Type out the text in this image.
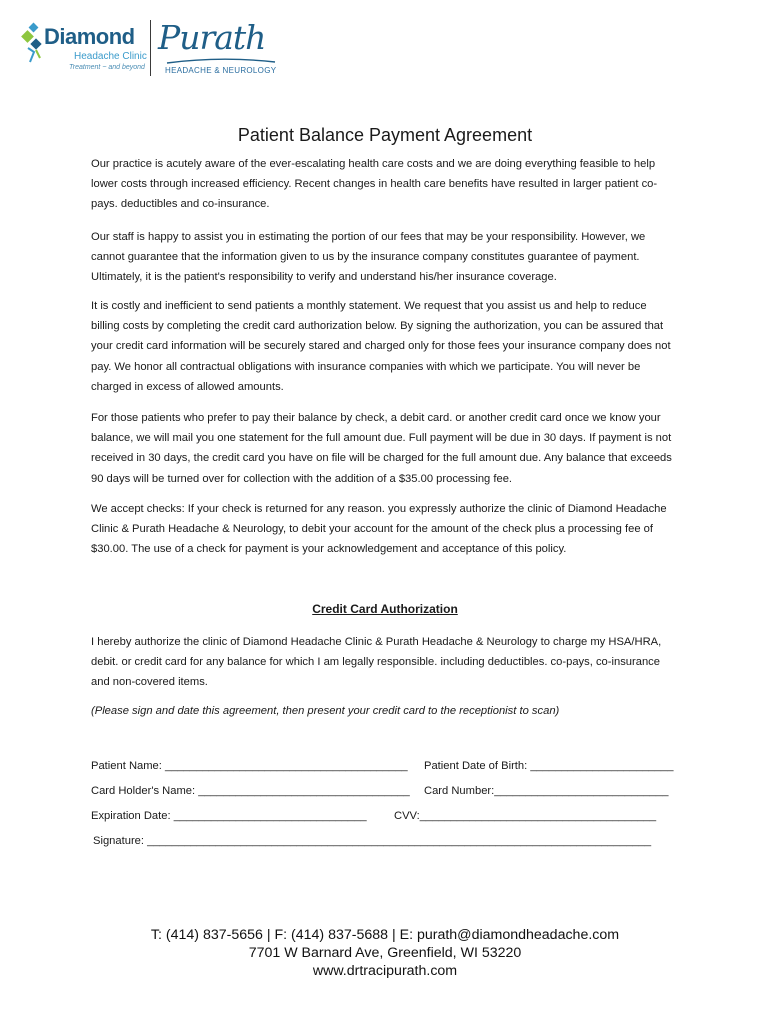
Diamond
Headache Clinic
Treatment ~ and beyond
Purath
HEADACHE & NEUROLOGY
Patient Balance Payment Agreement

Our practice is acutely aware of the ever-escalating health care costs and we are doing everything feasible to help
lower costs through increased efficiency. Recent changes in health care benefits have resulted in larger patient co-
pays. deductibles and co-insurance.

Our staff is happy to assist you in estimating the portion of our fees that may be your responsibility. However, we
cannot guarantee that the information given to us by the insurance company constitutes guarantee of payment.
Ultimately, it is the patient's responsibility to verify and understand his/her insurance coverage.

It is costly and inefficient to send patients a monthly statement. We request that you assist us and help to reduce
billing costs by completing the credit card authorization below. By signing the authorization, you can be assured that
your credit card information will be securely stared and charged only for those fees your insurance company does not
pay. We honor all contractual obligations with insurance companies with which we participate. You will never be
charged in excess of allowed amounts.

For those patients who prefer to pay their balance by check, a debit card. or another credit card once we know your
balance, we will mail you one statement for the full amount due. Full payment will be due in 30 days. If payment is not
received in 30 days, the credit card you have on file will be charged for the full amount due. Any balance that exceeds
90 days will be turned over for collection with the addition of a $35.00 processing fee.

We accept checks: If your check is returned for any reason. you expressly authorize the clinic of Diamond Headache
Clinic & Purath Headache & Neurology, to debit your account for the amount of the check plus a processing fee of
$30.00. The use of a check for payment is your acknowledgement and acceptance of this policy.

Credit Card Authorization

I hereby authorize the clinic of Diamond Headache Clinic & Purath Headache & Neurology to charge my HSA/HRA,
debit. or credit card for any balance for which I am legally responsible. including deductibles. co-pays, co-insurance
and non-covered items.

(Please sign and date this agreement, then present your credit card to the receptionist to scan)
Patient Name: _______________________________________ Patient Date of Birth: _______________________
Card Holder's Name: __________________________________ Card Number:____________________________
Expiration Date: _______________________________ CVV:______________________________________
Signature: _________________________________________________________________________________
T: (414) 837-5656 | F: (414) 837-5688 | E: purath@diamondheadache.com
7701 W Barnard Ave, Greenfield, WI 53220
www.drtracipurath.com
